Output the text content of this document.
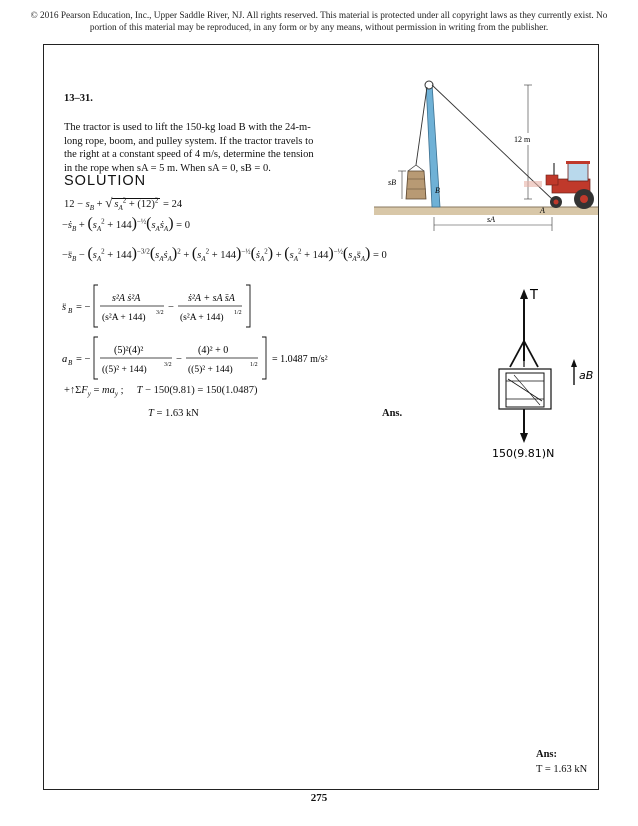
© 2016 Pearson Education, Inc., Upper Saddle River, NJ. All rights reserved. This material is protected under all copyright laws as they currently exist. No portion of this material may be reproduced, in any form or by any means, without permission in writing from the publisher.
13–31.
The tractor is used to lift the 150-kg load B with the 24-m-long rope, boom, and pulley system. If the tractor travels to the right at a constant speed of 4 m/s, determine the tension in the rope when sA = 5 m. When sA = 0, sB = 0.
sB
B
12 m
sA
A
SOLUTION
$12 - s_B$ + √ $s_A^2 + (12)^2 = 24$
−ṡ$_B$ + ($s_A^2$ + $144)^{-\frac{1}{2}}(s_Aṡ_A) = 0$
$-s̈_B - (s_A^2$ + $144)^{-3/2}(s_Aṡ_A)^2 + (s_A^2$ + $144)^{-\frac{1}{2}}(ṡ_A^2) + (s_A^2$ + $144)^{-\frac{1}{2}}(s_As̈_A) = 0$
s̈ B = −
s²A ṡ²A
(s²A + 144) 3/2 −
ṡ²A + sA s̈A
(s²A + 144) 1/2
a B = −
(5)²(4)²
((5)² + 144)	3/2 −
(4)² + 0
((5)² + 144)	1/2 = 1.0487 m/s²
$+↑\Sigma F_y = ma_y$ ;     T − 150(9.81) = 150(1.0487)
T = 1.63 kN	Ans.
T
150(9.81)N
aB
Ans:
T = 1.63 kN
275
